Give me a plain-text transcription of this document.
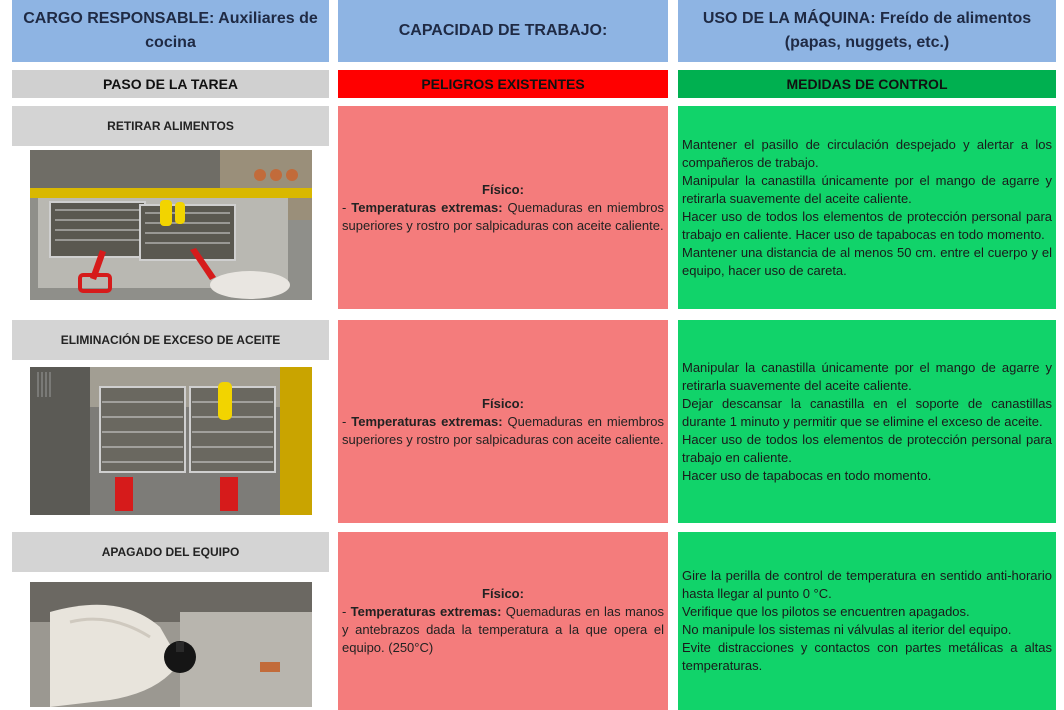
CARGO RESPONSABLE: Auxiliares de cocina
CAPACIDAD DE TRABAJO:
USO DE LA MÁQUINA: Freído de alimentos (papas, nuggets, etc.)
PASO DE LA TAREA	PELIGROS EXISTENTES	MEDIDAS DE CONTROL
RETIRAR ALIMENTOS
Físico:
- Temperaturas extremas: Quemaduras en miembros superiores y rostro por salpicaduras con aceite caliente.

Mantener el pasillo de circulación despejado y alertar a los compañeros de trabajo.

Manipular la canastilla únicamente por el mango de agarre y retirarla suavemente del aceite caliente.

Hacer uso de todos los elementos de protección personal para trabajo en caliente. Hacer uso de tapabocas en todo momento.

Mantener una distancia de al menos 50 cm. entre el cuerpo y el equipo, hacer uso de careta.

ELIMINACIÓN DE EXCESO DE ACEITE
Físico:
- Temperaturas extremas: Quemaduras en miembros superiores y rostro por salpicaduras con aceite caliente.

Manipular la canastilla únicamente por el mango de agarre y retirarla suavemente del aceite caliente.

Dejar descansar la canastilla en el soporte de canastillas durante 1 minuto y permitir que se elimine el exceso de aceite.

Hacer uso de todos los elementos de protección personal para trabajo en caliente.

Hacer uso de tapabocas en todo momento.

APAGADO DEL EQUIPO
Físico:
- Temperaturas extremas: Quemaduras en las manos y antebrazos dada la temperatura a la que opera el equipo. (250°C)

Gire la perilla de control de temperatura en sentido anti-horario hasta llegar al punto 0 °C.

Verifique que los pilotos se encuentren apagados.

No manipule los sistemas ni válvulas al iterior del equipo.

Evite distracciones y contactos con partes metálicas a altas temperaturas.
